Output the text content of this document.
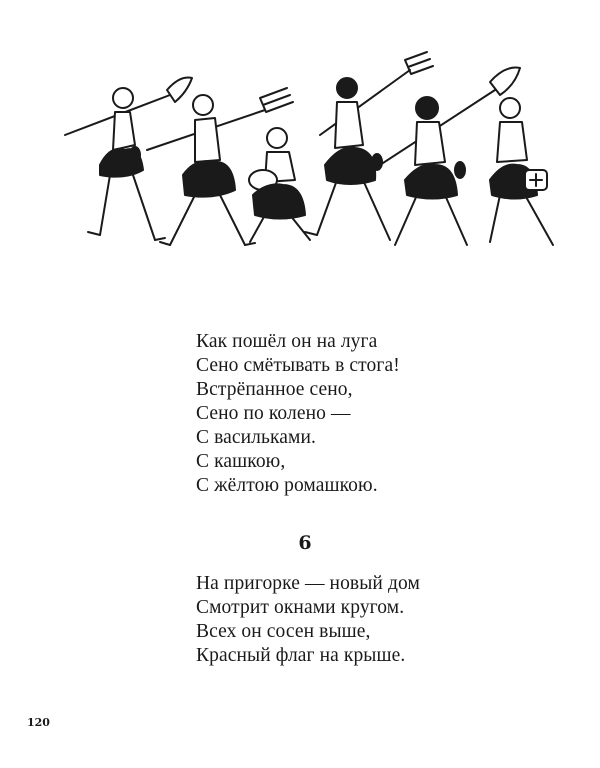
Как пошёл он на луга
Сено смётывать в стога!
Встрёпанное сено,
Сено по колено —
С васильками.
С кашкою,
С жёлтою ромашкою.
6
На пригорке — новый дом
Смотрит окнами кругом.
Всех он сосен выше,
Красный флаг на крыше.
120
